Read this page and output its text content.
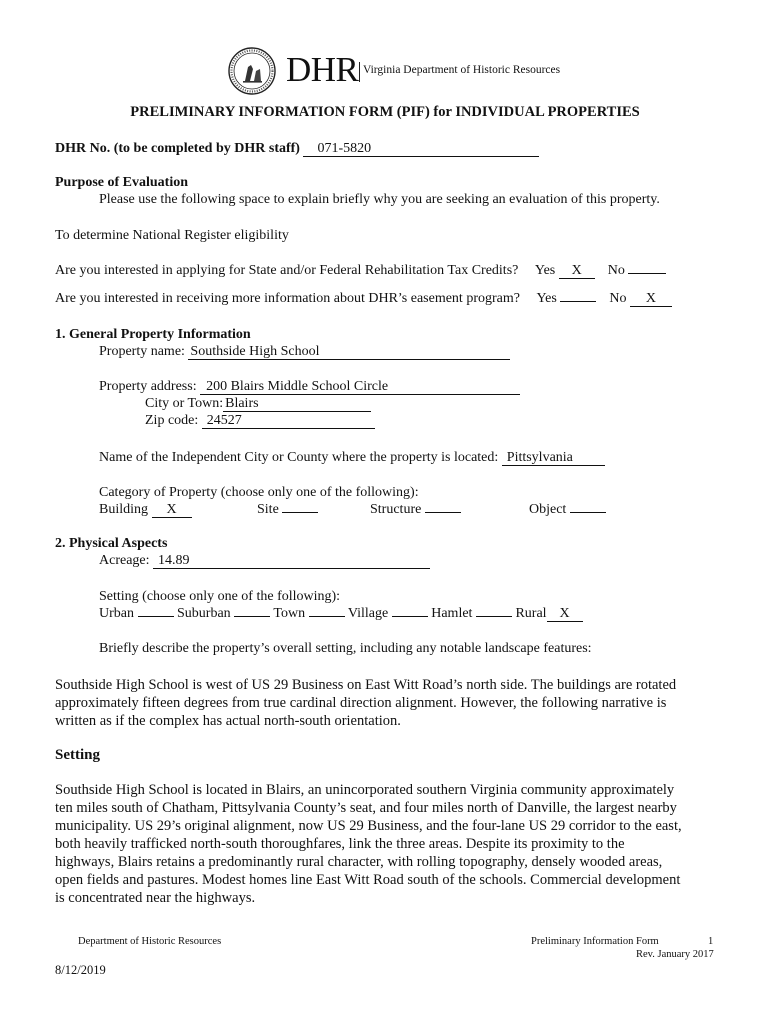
DHR Virginia Department of Historic Resources
PRELIMINARY INFORMATION FORM (PIF) for INDIVIDUAL PROPERTIES
DHR No. (to be completed by DHR staff) 071-5820
Purpose of Evaluation
Please use the following space to explain briefly why you are seeking an evaluation of this property.
To determine National Register eligibility
Are you interested in applying for State and/or Federal Rehabilitation Tax Credits? Yes X No
Are you interested in receiving more information about DHR’s easement program? Yes	No X
1. General Property Information
Property name: Southside High School
Property address: 200 Blairs Middle School Circle
City or Town: Blairs
Zip code: 24527
Name of the Independent City or County where the property is located: Pittsylvania
Category of Property (choose only one of the following):
Building X	Site	Structure	Object
2. Physical Aspects
Acreage: 14.89
Setting (choose only one of the following):
Urban	Suburban	Town	Village	Hamlet	Rural X
Briefly describe the property’s overall setting, including any notable landscape features:
Southside High School is west of US 29 Business on East Witt Road’s north side. The buildings are rotated
approximately fifteen degrees from true cardinal direction alignment. However, the following narrative is
written as if the complex has actual north-south orientation.
Setting
Southside High School is located in Blairs, an unincorporated southern Virginia community approximately
ten miles south of Chatham, Pittsylvania County’s seat, and four miles north of Danville, the largest nearby
municipality. US 29’s original alignment, now US 29 Business, and the four-lane US 29 corridor to the east,
both heavily trafficked north-south thoroughfares, link the three areas. Despite its proximity to the
highways, Blairs retains a predominantly rural character, with rolling topography, densely wooded areas,
open fields and pastures. Modest homes line East Witt Road south of the schools. Commercial development
is concentrated near the highways.
Department of Historic Resources	Preliminary Information Form	1
Rev. January 2017
8/12/2019
